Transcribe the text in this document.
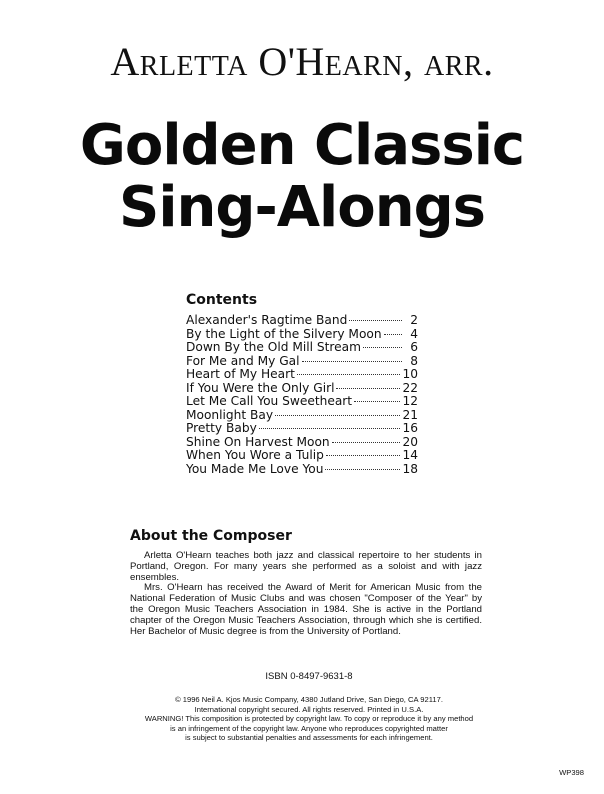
Arletta O'Hearn, arr.
Golden Classic
Sing-Alongs
Contents
Alexander's Ragtime Band	2
By the Light of the Silvery Moon	4
Down By the Old Mill Stream	6
For Me and My Gal	8
Heart of My Heart	10
If You Were the Only Girl	22
Let Me Call You Sweetheart	12
Moonlight Bay	21
Pretty Baby	16
Shine On Harvest Moon	20
When You Wore a Tulip	14
You Made Me Love You	18
About the Composer

Arletta O'Hearn teaches both jazz and classical repertoire to her students in Portland, Oregon. For many years she performed as a soloist and with jazz ensembles.

Mrs. O'Hearn has received the Award of Merit for American Music from the National Federation of Music Clubs and was chosen "Composer of the Year" by the Oregon Music Teachers Association in 1984. She is active in the Portland chapter of the Oregon Music Teachers Association, through which she is certified. Her Bachelor of Music degree is from the University of Portland.

ISBN 0-8497-9631-8
© 1996 Neil A. Kjos Music Company, 4380 Jutland Drive, San Diego, CA 92117.
International copyright secured. All rights reserved. Printed in U.S.A.
WARNING! This composition is protected by copyright law. To copy or reproduce it by any method
is an infringement of the copyright law. Anyone who reproduces copyrighted matter
is subject to substantial penalties and assessments for each infringement.
WP398
